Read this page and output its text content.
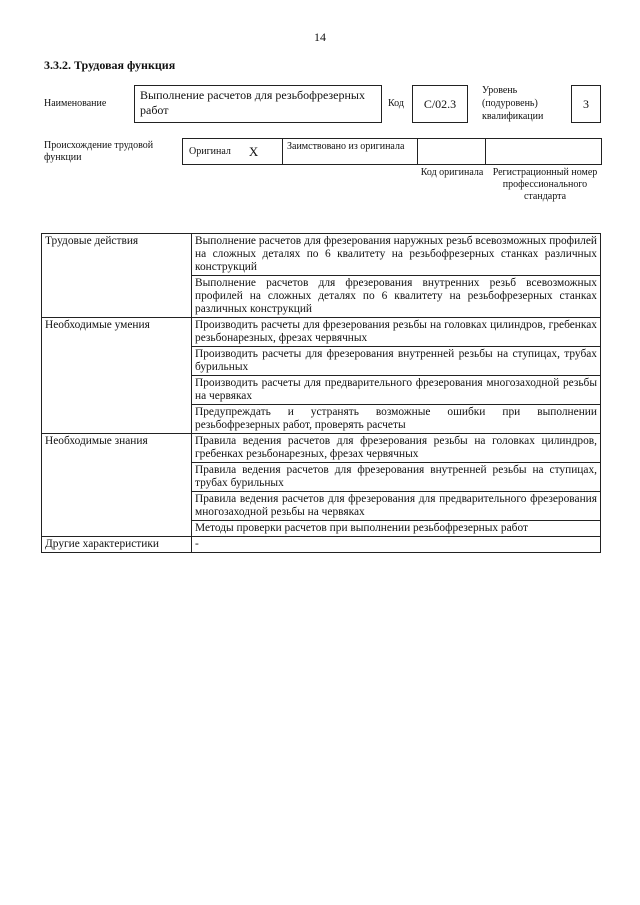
14
3.3.2. Трудовая функция
Наименование
Выполнение расчетов для резьбофрезерных работ	Код	C/02.3
Уровень (подуровень) квалификации
3
Происхождение трудовой функции
Оригинал X	Заимствовано из оригинала
Код оригинала Регистрационный номер профессионального стандарта
Трудовые действия	Выполнение расчетов для фрезерования наружных резьб всевозможных профилей на сложных деталях по 6 квалитету на резьбофрезерных станках различных конструкций
	Выполнение расчетов для фрезерования внутренних резьб всевозможных профилей на сложных деталях по 6 квалитету на резьбофрезерных станках различных конструкций
Необходимые умения	Производить расчеты для фрезерования резьбы на головках цилиндров, гребенках резьбонарезных, фрезах червячных
	Производить расчеты для фрезерования внутренней резьбы на ступицах, трубах бурильных
	Производить расчеты для предварительного фрезерования многозаходной резьбы на червяках
	Предупреждать и устранять возможные ошибки при выполнении резьбофрезерных работ, проверять расчеты
Необходимые знания	Правила ведения расчетов для фрезерования резьбы на головках цилиндров, гребенках резьбонарезных, фрезах червячных
	Правила ведения расчетов для фрезерования внутренней резьбы на ступицах, трубах бурильных
	Правила ведения расчетов для фрезерования для предварительного фрезерования многозаходной резьбы на червяках
	Методы проверки расчетов при выполнении резьбофрезерных работ
Другие характеристики	-
